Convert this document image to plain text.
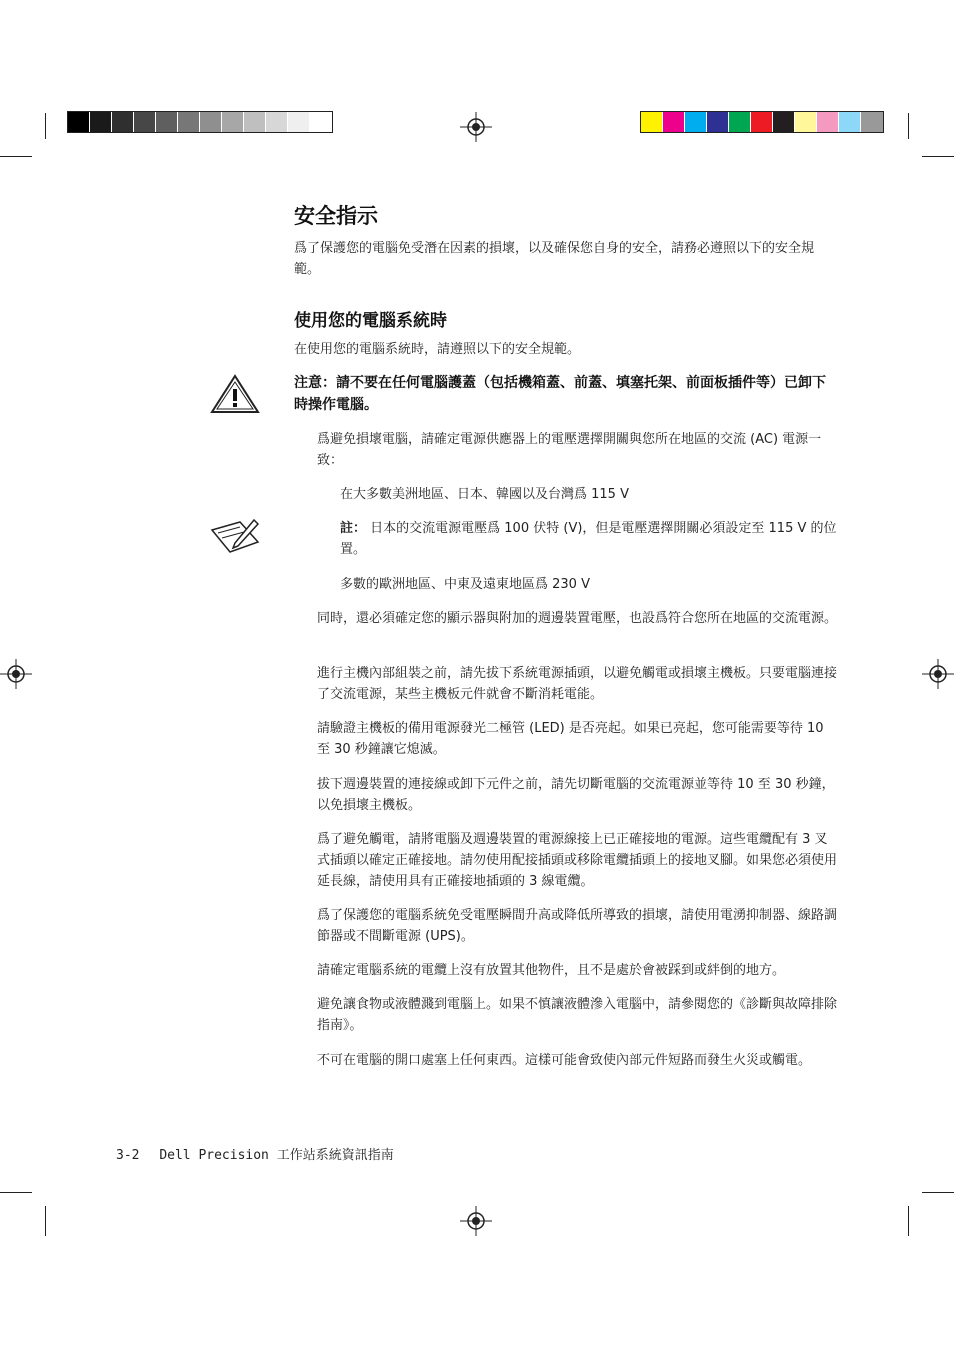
安全指示

爲了保護您的電腦免受潛在因素的損壞，以及確保您自身的安全，請務必遵照以下的安全規範。

使用您的電腦系統時

在使用您的電腦系統時，請遵照以下的安全規範。

注意：請不要在任何電腦護蓋（包括機箱蓋、前蓋、填塞托架、前面板插件等）已卸下時操作電腦。

爲避免損壞電腦，請確定電源供應器上的電壓選擇開關與您所在地區的交流 (AC) 電源一致：

在大多數美洲地區、日本、韓國以及台灣爲 115 V

註： 日本的交流電源電壓爲 100 伏特 (V)，但是電壓選擇開關必須設定至 115 V 的位置。

多數的歐洲地區、中東及遠東地區爲 230 V

同時，還必須確定您的顯示器與附加的週邊裝置電壓，也設爲符合您所在地區的交流電源。

進行主機內部組裝之前，請先拔下系統電源插頭，以避免觸電或損壞主機板。只要電腦連接了交流電源，某些主機板元件就會不斷消耗電能。

請驗證主機板的備用電源發光二極管 (LED) 是否亮起。如果已亮起，您可能需要等待 10 至 30 秒鐘讓它熄滅。

拔下週邊裝置的連接線或卸下元件之前，請先切斷電腦的交流電源並等待 10 至 30 秒鐘，以免損壞主機板。

爲了避免觸電，請將電腦及週邊裝置的電源線接上已正確接地的電源。這些電纜配有 3 叉式插頭以確定正確接地。請勿使用配接插頭或移除電纜插頭上的接地叉腳。如果您必須使用延長線，請使用具有正確接地插頭的 3 線電纜。

爲了保護您的電腦系統免受電壓瞬間升高或降低所導致的損壞，請使用電湧抑制器、線路調節器或不間斷電源 (UPS)。

請確定電腦系統的電纜上沒有放置其他物件，且不是處於會被踩到或絆倒的地方。

避免讓食物或液體濺到電腦上。如果不慎讓液體滲入電腦中，請參閱您的《診斷與故障排除指南》。

不可在電腦的開口處塞上任何東西。這樣可能會致使內部元件短路而發生火災或觸電。

3-2 Dell Precision 工作站系統資訊指南
